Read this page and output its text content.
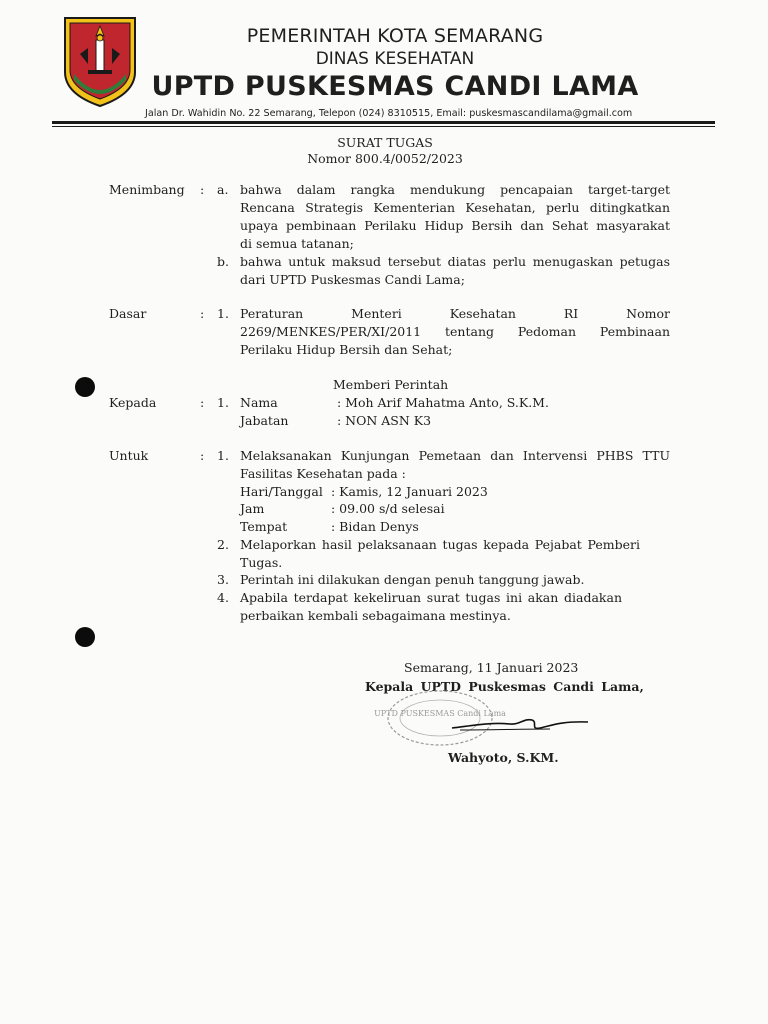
PEMERINTAH KOTA SEMARANG
DINAS KESEHATAN
UPTD PUSKESMAS CANDI LAMA
Jalan Dr. Wahidin No. 22 Semarang, Telepon (024) 8310515, Email: puskesmascandilama@gmail.com
SURAT TUGAS
Nomor 800.4/0052/2023
Menimbang : a. bahwa dalam rangka mendukung pencapaian target-target
Rencana Strategis Kementerian Kesehatan, perlu ditingkatkan
upaya pembinaan Perilaku Hidup Bersih dan Sehat masyarakat
di semua tatanan;
b. bahwa untuk maksud tersebut diatas perlu menugaskan petugas
dari UPTD Puskesmas Candi Lama;
Dasar	: 1. Peraturan Menteri Kesehatan RI Nomor
2269/MENKES/PER/XI/2011 tentang Pedoman Pembinaan
Perilaku Hidup Bersih dan Sehat;
Memberi Perintah
Kepada	: 1. Nama	: Moh Arif Mahatma Anto, S.K.M.
Jabatan	: NON ASN K3
Untuk	: 1. Melaksanakan Kunjungan Pemetaan dan Intervensi PHBS TTU
Fasilitas Kesehatan pada :
Hari/Tanggal : Kamis, 12 Januari 2023
Jam	: 09.00 s/d selesai
Tempat	: Bidan Denys
2. Melaporkan hasil pelaksanaan tugas kepada Pejabat Pemberi
Tugas.
3. Perintah ini dilakukan dengan penuh tanggung jawab.
4. Apabila terdapat kekeliruan surat tugas ini akan diadakan
perbaikan kembali sebagaimana mestinya.
Semarang, 11 Januari 2023
Kepala UPTD Puskesmas Candi Lama,
UPTD PUSKESMAS Candi Lama
Wahyoto, S.KM.
